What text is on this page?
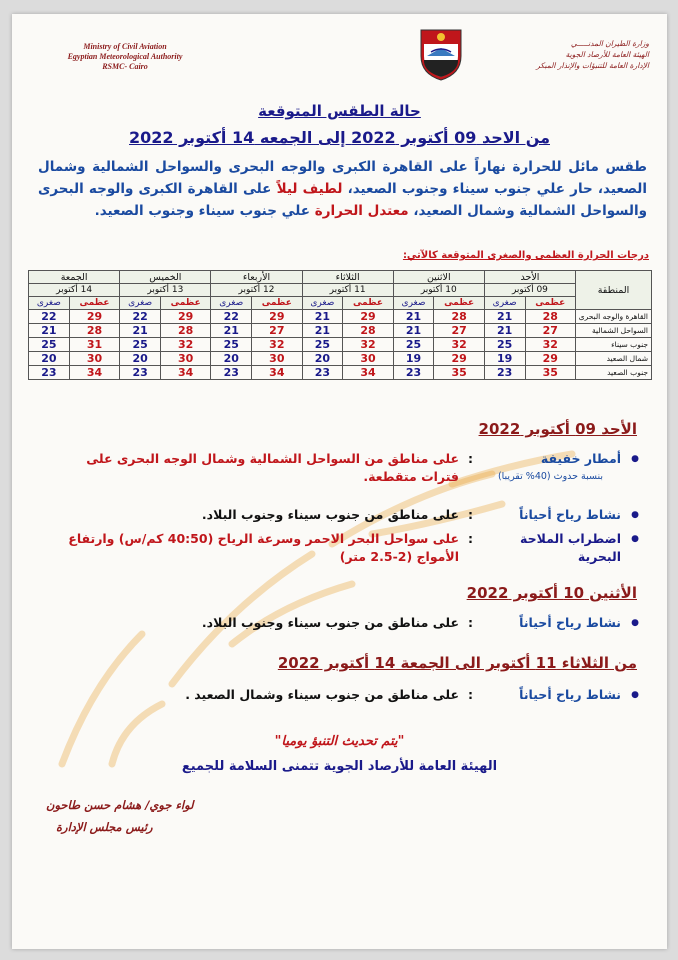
Ministry of Civil Aviation
Egyptian Meteorological Authority
RSMC- Cairo
وزارة الطيران المدنـــــي
الهيئة العامة للأرصاد الجوية
الإدارة العامة للتنبؤات والإنذار المبكر
حالة الطقس المتوقعة
من الاحد 09 أكتوبر 2022 إلى الجمعه 14 أكتوبر 2022
طقس مائل للحرارة نهاراً على القاهرة الكبرى والوجه البحرى والسواحل الشمالية وشمال الصعيد، حار علي جنوب سيناء وجنوب الصعيد، لطيف ليلاً على القاهرة الكبرى والوجه البحرى والسواحل الشمالية وشمال الصعيد، معتدل الحرارة علي جنوب سيناء وجنوب الصعيد.
درجات الحرارة العظمى والصغرى المتوقعة كالآتي:
المنطقة	الأحد		الاثنين		الثلاثاء		الأربعاء		الخميس		الجمعة	
	09 أكتوبر		10 أكتوبر		11 أكتوبر		12 أكتوبر		13 أكتوبر		14 أكتوبر	
	عظمى	صغرى	عظمى	صغرى	عظمى	صغرى	عظمى	صغرى	عظمى	صغرى	عظمى	صغرى
القاهرة والوجه البحرى	28	21	28	21	29	21	29	22	29	22	29	22
السواحل الشمالية	27	21	27	21	28	21	27	21	28	21	28	21
جنوب سيناء	32	25	32	25	32	25	32	25	32	25	31	25
شمال الصعيد	29	19	29	19	30	20	30	20	30	20	30	20
جنوب الصعيد	35	23	35	23	34	23	34	23	34	23	34	23
الأحد 09 أكتوبر 2022
●أمطار خفيفة
بنسبة حدوث (40% تقريبا)
:على مناطق من السواحل الشمالية وشمال الوجه البحرى على فترات متقطعة.
●نشاط رياح أحياناً:على مناطق من جنوب سيناء وجنوب البلاد.
●اضطراب الملاحة البحرية:على سواحل البحر الاحمر وسرعة الرياح (40:50 كم/س) وارتفاع الأمواج (2-2.5 متر)
الأثنين 10 أكتوبر 2022
●نشاط رياح أحياناً:على مناطق من جنوب سيناء وجنوب البلاد.
من الثلاثاء 11 أكتوبر الى الجمعة 14 أكتوبر 2022
●نشاط رياح أحياناً:على مناطق من جنوب سيناء وشمال الصعيد .
"يتم تحديث التنبؤ يوميا"
الهيئة العامة للأرصاد الجوية تتمنى السلامة للجميع
لواء جوي/ هشام حسن طاحون
رئيس مجلس الإدارة
